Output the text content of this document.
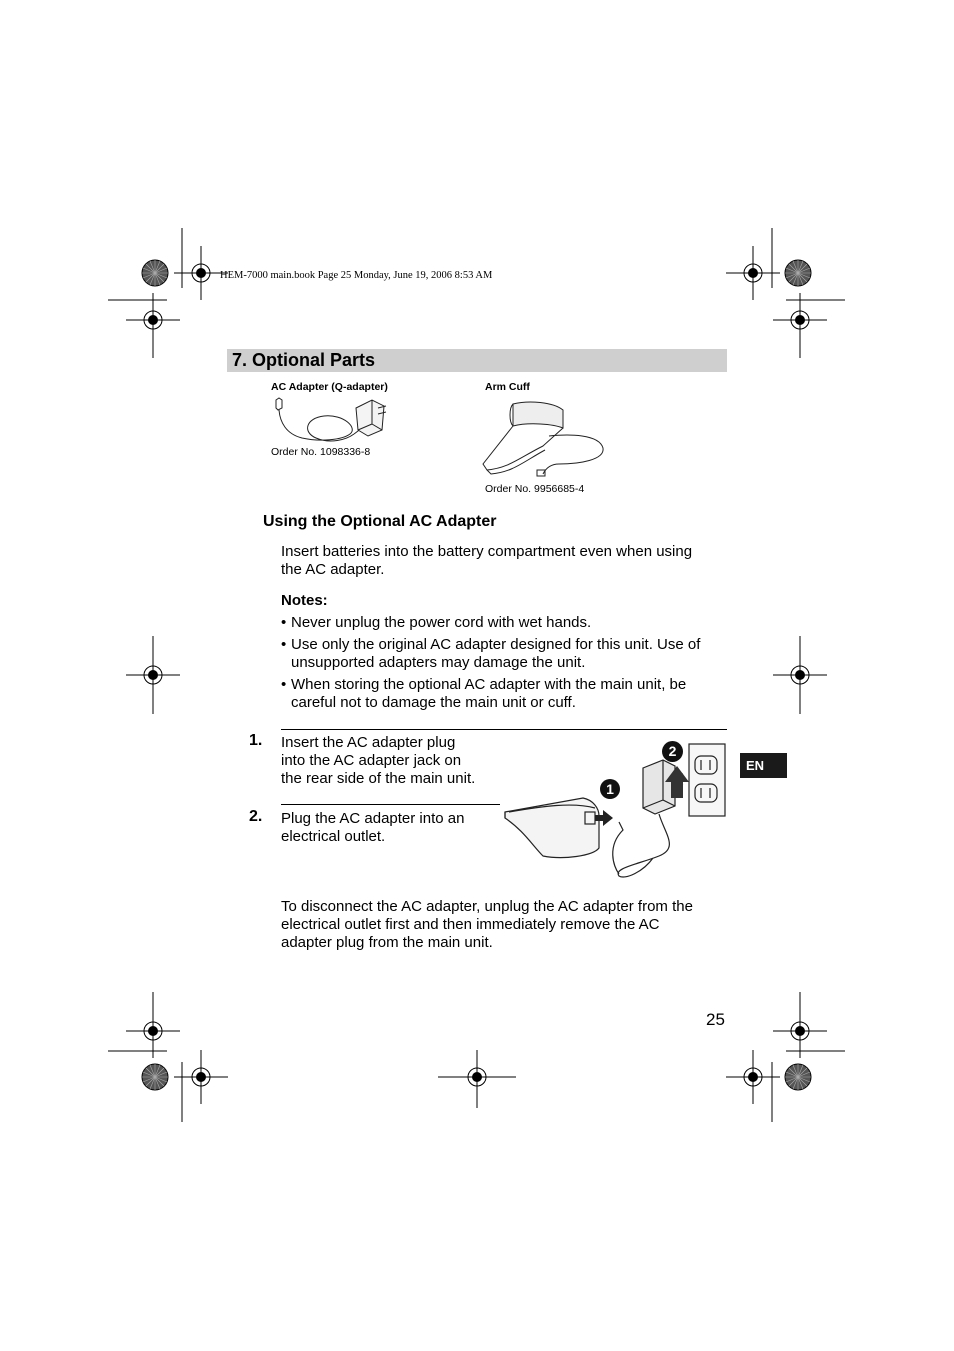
HEM-7000 main.book Page 25 Monday, June 19, 2006 8:53 AM
7. Optional Parts
AC Adapter (Q-adapter)
Order No. 1098336-8
Arm Cuff
Order No. 9956685-4
Using the Optional AC Adapter
Insert batteries into the battery compartment even when using
the AC adapter.
Notes:
• Never unplug the power cord with wet hands.
• Use only the original AC adapter designed for this unit. Use of
unsupported adapters may damage the unit.
• When storing the optional AC adapter with the main unit, be
careful not to damage the main unit or cuff.
1. Insert the AC adapter plug
into the AC adapter jack on
the rear side of the main unit.
2. Plug the AC adapter into an
electrical outlet.
1
2
To disconnect the AC adapter, unplug the AC adapter from the
electrical outlet first and then immediately remove the AC
adapter plug from the main unit.
EN
25
